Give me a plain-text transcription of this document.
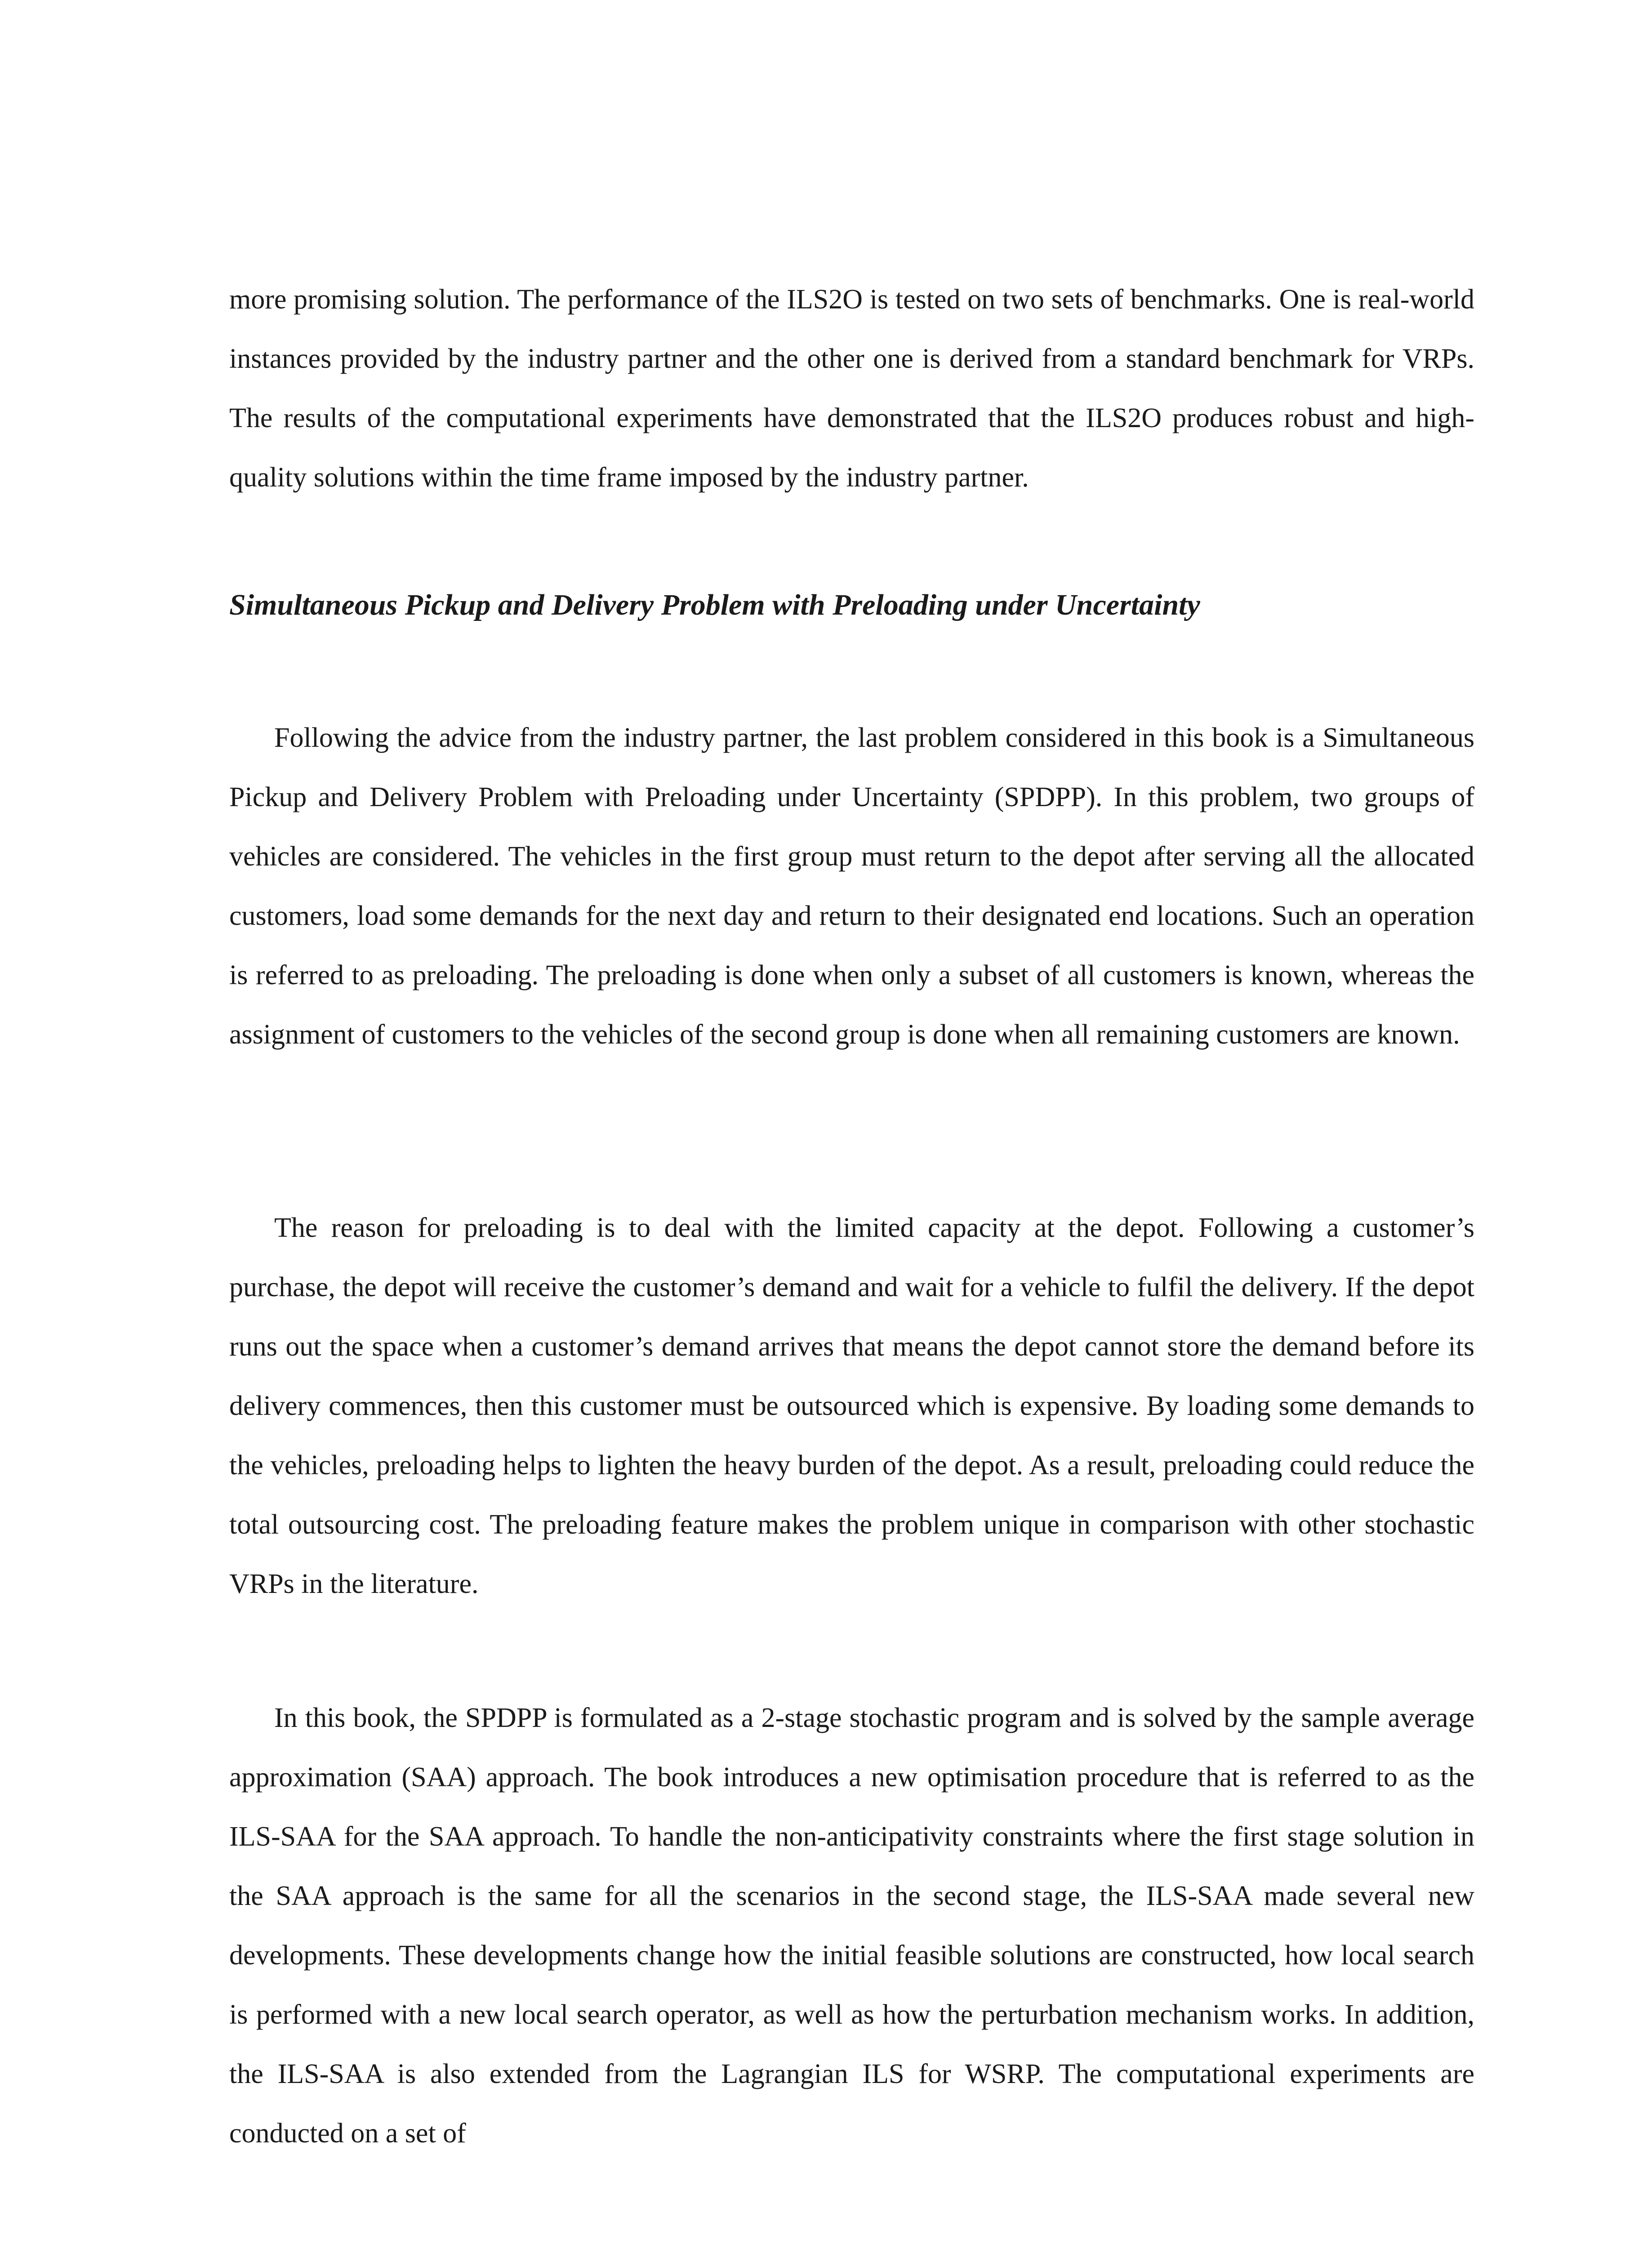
more promising solution. The performance of the ILS2O is tested on two sets of benchmarks. One is real-world instances provided by the industry partner and the other one is derived from a standard benchmark for VRPs. The results of the computational experiments have demonstrated that the ILS2O produces robust and high-quality solutions within the time frame imposed by the industry partner.

Simultaneous Pickup and Delivery Problem with Preloading under Uncertainty

Following the advice from the industry partner, the last problem considered in this book is a Simultaneous Pickup and Delivery Problem with Preloading under Uncertainty (SPDPP). In this problem, two groups of vehicles are considered. The vehicles in the first group must return to the depot after serving all the allocated customers, load some demands for the next day and return to their designated end locations. Such an operation is referred to as preloading. The preloading is done when only a subset of all customers is known, whereas the assignment of customers to the vehicles of the second group is done when all remaining customers are known.

The reason for preloading is to deal with the limited capacity at the depot. Following a customer’s purchase, the depot will receive the customer’s demand and wait for a vehicle to fulfil the delivery. If the depot runs out the space when a customer’s demand arrives that means the depot cannot store the demand before its delivery commences, then this customer must be outsourced which is expensive. By loading some demands to the vehicles, preloading helps to lighten the heavy burden of the depot. As a result, preloading could reduce the total outsourcing cost. The preloading feature makes the problem unique in comparison with other stochastic VRPs in the literature.

In this book, the SPDPP is formulated as a 2-stage stochastic program and is solved by the sample average approximation (SAA) approach. The book introduces a new optimisation procedure that is referred to as the ILS-SAA for the SAA approach. To handle the non-anticipativity constraints where the first stage solution in the SAA approach is the same for all the scenarios in the second stage, the ILS-SAA made several new developments. These developments change how the initial feasible solutions are constructed, how local search is performed with a new local search operator, as well as how the perturbation mechanism works. In addition, the ILS-SAA is also extended from the Lagrangian ILS for WSRP. The computational experiments are conducted on a set of
